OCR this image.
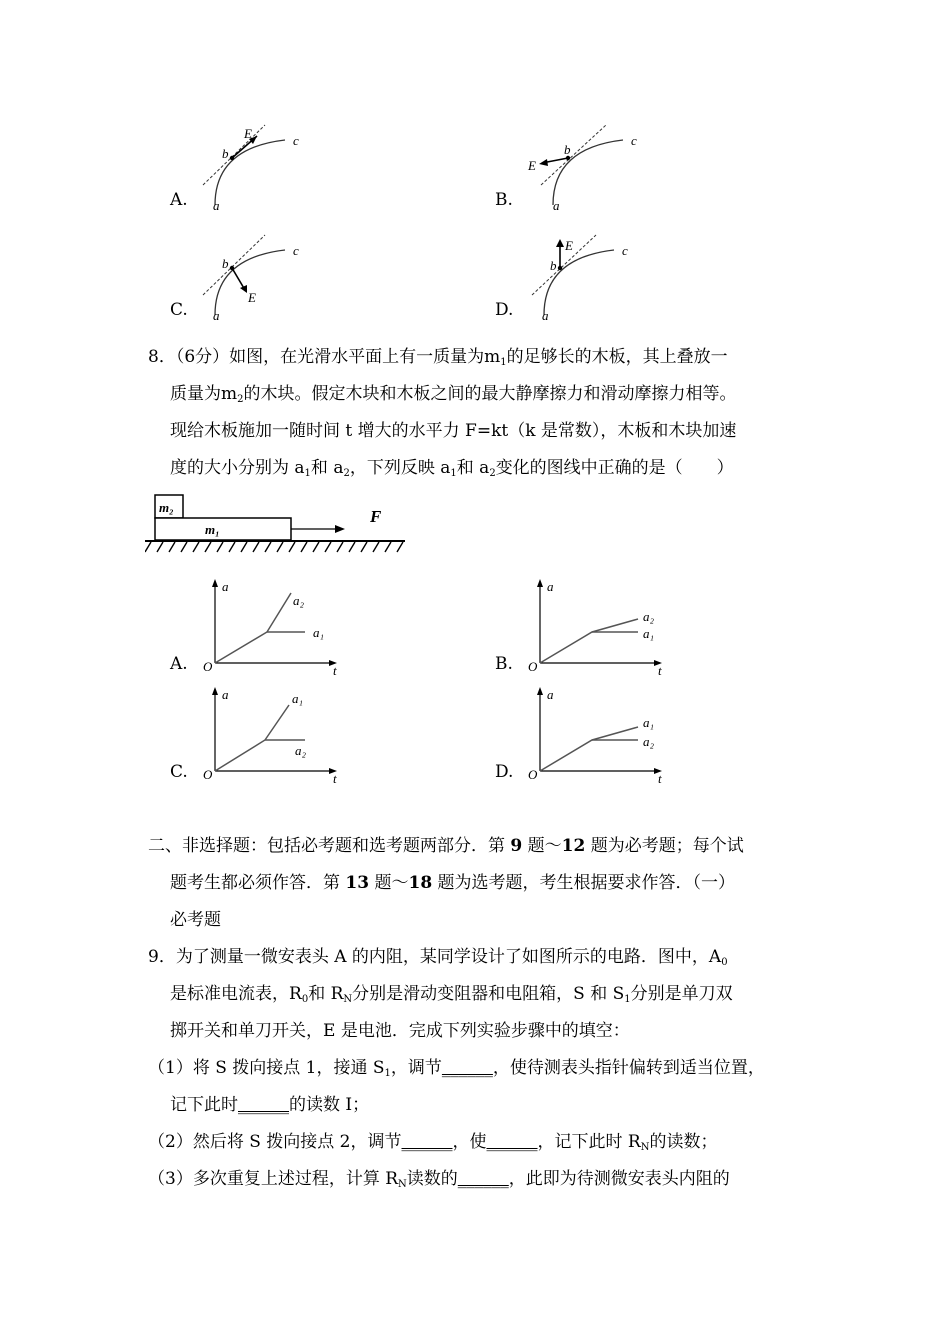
A.	B.
C.	D.
a
b
c
E
a
b
c
E
a
b
c
E
a
b
c
E
8．（6分）如图，在光滑水平面上有一质量为$m_1$的足够长的木板，其上叠放一
质量为$m_2$的木块。假定木块和木板之间的最大静摩擦力和滑动摩擦力相等。
现给木板施加一随时间 t 增大的水平力 F=kt（k 是常数），木板和木块加速
度的大小分别为 $a_1$和 $a_2$，下列反映 $a_1$和 $a_2$变化的图线中正确的是（　　）
m₂
m₁
F
A.	B.
C.	D.
a
O	t
a₂
a₁
a
O	t
a₂
a₁
a
O	t
a₁
a₂
a
O	t
a₁
a₂
二、非选择题：包括必考题和选考题两部分．第 9 题～12 题为必考题；每个试
题考生都必须作答．第 13 题～18 题为选考题，考生根据要求作答．（一）
必考题
9．为了测量一微安表头 A 的内阻，某同学设计了如图所示的电路．图中，$A_0$
是标准电流表，$R_0$和 $R_N$分别是滑动变阻器和电阻箱，S 和 $S_1$分别是单刀双
掷开关和单刀开关，E 是电池．完成下列实验步骤中的填空：
（1）将 S 拨向接点 1，接通 $S_1$，调节______，使待测表头指针偏转到适当位置，
记下此时______的读数 I；
（2）然后将 S 拨向接点 2，调节______，使______，记下此时 $R_N$的读数；
（3）多次重复上述过程，计算 $R_N$读数的______，此即为待测微安表头内阻的
